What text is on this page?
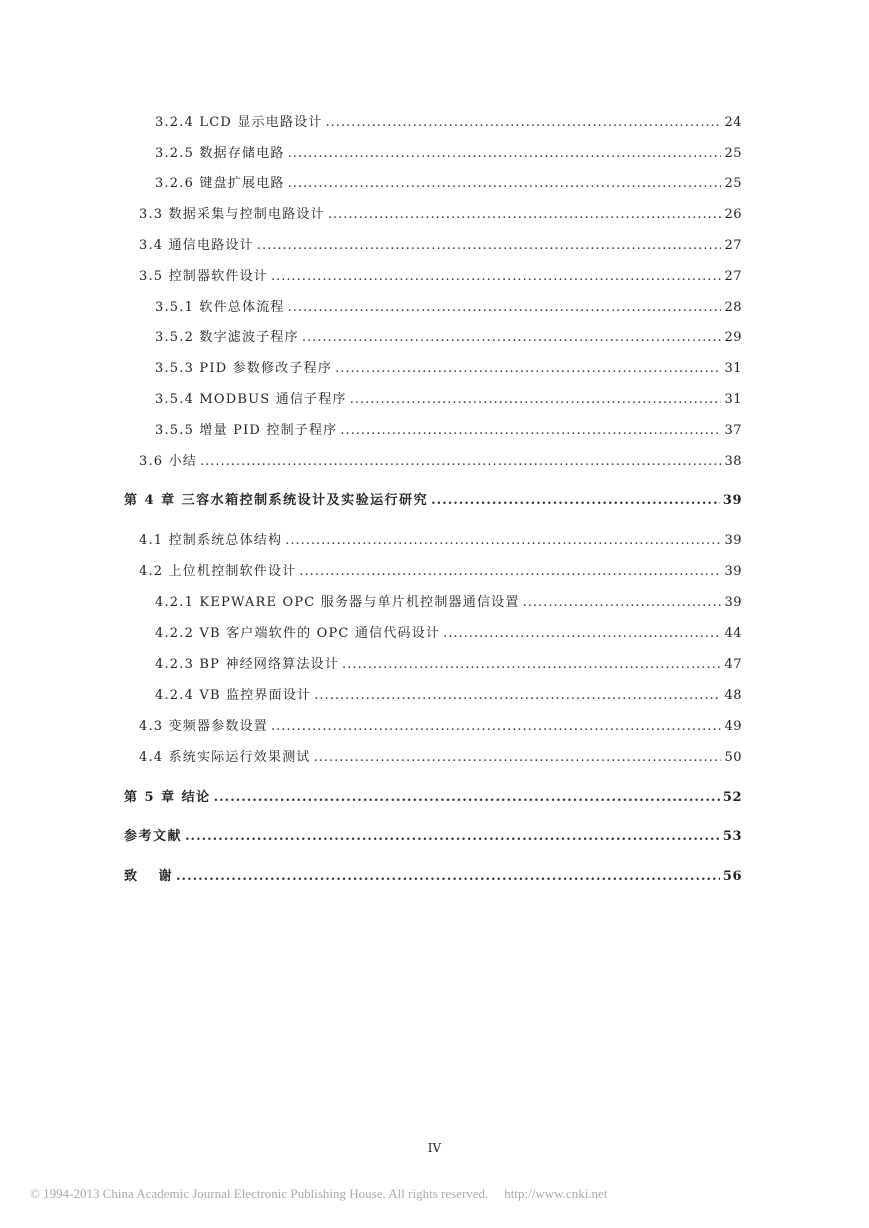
3.2.4 LCD 显示电路设计 .....	24
3.2.5 数据存储电路 .....	25
3.2.6 键盘扩展电路 .....	25
3.3 数据采集与控制电路设计 .....	26
3.4 通信电路设计 .....	27
3.5 控制器软件设计 .....	27
3.5.1 软件总体流程 .....	28
3.5.2 数字滤波子程序 .....	29
3.5.3 PID 参数修改子程序 .....	31
3.5.4 MODBUS 通信子程序 .....	31
3.5.5 增量 PID 控制子程序 .....	37
3.6 小结 .....	38
第 4 章 三容水箱控制系统设计及实验运行研究 .....	39
4.1 控制系统总体结构 .....	39
4.2 上位机控制软件设计 .....	39
4.2.1 KEPWARE OPC 服务器与单片机控制器通信设置 .....	39
4.2.2 VB 客户端软件的 OPC 通信代码设计 .....	44
4.2.3 BP 神经网络算法设计 .....	47
4.2.4 VB 监控界面设计 .....	48
4.3 变频器参数设置 .....	49
4.4 系统实际运行效果测试 .....	50
第 5 章 结论 .....	52
参考文献 .....	53
致 谢 .....	56
IV
© 1994-2013 China Academic Journal Electronic Publishing House. All rights reserved. http://www.cnki.net
